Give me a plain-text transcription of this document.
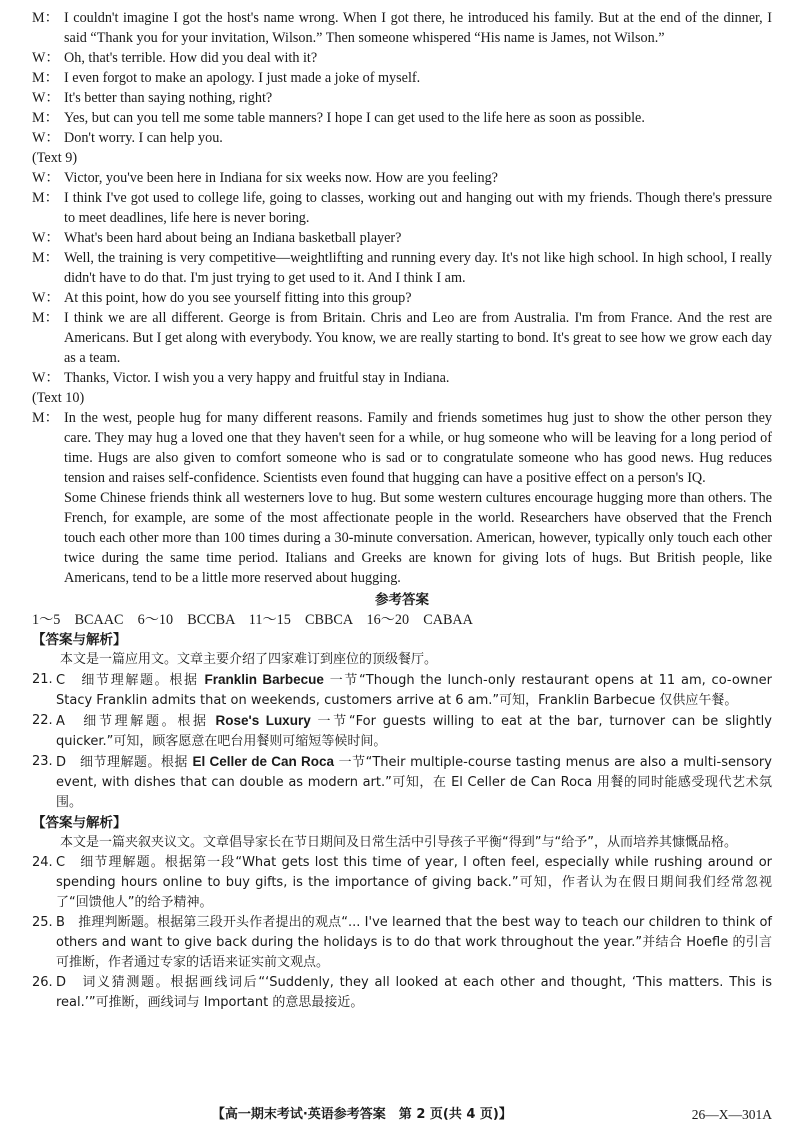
M： I couldn't imagine I got the host's name wrong. When I got there, he introduced his family. But at the end of the dinner, I said “Thank you for your invitation, Wilson.” Then someone whispered “His name is James, not Wilson.”
W： Oh, that's terrible. How did you deal with it?
M： I even forgot to make an apology. I just made a joke of myself.
W： It's better than saying nothing, right?
M： Yes, but can you tell me some table manners? I hope I can get used to the life here as soon as possible.
W： Don't worry. I can help you.
(Text 9)
W： Victor, you've been here in Indiana for six weeks now. How are you feeling?
M： I think I've got used to college life, going to classes, working out and hanging out with my friends. Though there's pressure to meet deadlines, life here is never boring.
W： What's been hard about being an Indiana basketball player?
M： Well, the training is very competitive—weightlifting and running every day. It's not like high school. In high school, I really didn't have to do that. I'm just trying to get used to it. And I think I am.
W： At this point, how do you see yourself fitting into this group?
M： I think we are all different. George is from Britain. Chris and Leo are from Australia. I'm from France. And the rest are Americans. But I get along with everybody. You know, we are really starting to bond. It's great to see how we grow each day as a team.
W： Thanks, Victor. I wish you a very happy and fruitful stay in Indiana.
(Text 10)
M： In the west, people hug for many different reasons. Family and friends sometimes hug just to show the other person they care. They may hug a loved one that they haven't seen for a while, or hug someone who will be leaving for a long period of time. Hugs are also given to comfort someone who is sad or to congratulate someone who has good news. Hug reduces tension and raises self-confidence. Scientists even found that hugging can have a positive effect on a person's IQ.
Some Chinese friends think all westerners love to hug. But some western cultures encourage hugging more than others. The French, for example, are some of the most affectionate people in the world. Researchers have observed that the French touch each other more than 100 times during a 30-minute conversation. American, however, typically only touch each other twice during the same time period. Italians and Greeks are known for giving lots of hugs. But British people, like Americans, tend to be a little more reserved about hugging.
参考答案
1～5　BCAAC　6～10　BCCBA　11～15　CBBCA　16～20　CABAA
【答案与解析】
本文是一篇应用文。文章主要介绍了四家难订到座位的顶级餐厅。
21. C　细节理解题。根据 Franklin Barbecue 一节“Though the lunch-only restaurant opens at 11 am, co-owner Stacy Franklin admits that on weekends, customers arrive at 6 am.”可知，Franklin Barbecue 仅供应午餐。
22. A　细节理解题。根据 Rose's Luxury 一节“For guests willing to eat at the bar, turnover can be slightly quicker.”可知，顾客愿意在吧台用餐则可缩短等候时间。
23. D　细节理解题。根据 El Celler de Can Roca 一节“Their multiple-course tasting menus are also a multi-sensory event, with dishes that can double as modern art.”可知，在 El Celler de Can Roca 用餐的同时能感受现代艺术氛围。
【答案与解析】
本文是一篇夹叙夹议文。文章倡导家长在节日期间及日常生活中引导孩子平衡“得到”与“给予”，从而培养其慷慨品格。
24. C　细节理解题。根据第一段“What gets lost this time of year, I often feel, especially while rushing around or spending hours online to buy gifts, is the importance of giving back.”可知，作者认为在假日期间我们经常忽视了“回馈他人”的给予精神。
25. B　推理判断题。根据第三段开头作者提出的观点“... I've learned that the best way to teach our children to think of others and want to give back during the holidays is to do that work throughout the year.”并结合 Hoefle 的引言可推断，作者通过专家的话语来证实前文观点。
26. D　词义猜测题。根据画线词后“‘Suddenly, they all looked at each other and thought, ‘This matters. This is real.’”可推断，画线词与 Important 的意思最接近。
【高一期末考试·英语参考答案　第 2 页(共 4 页)】	26—X—301A
